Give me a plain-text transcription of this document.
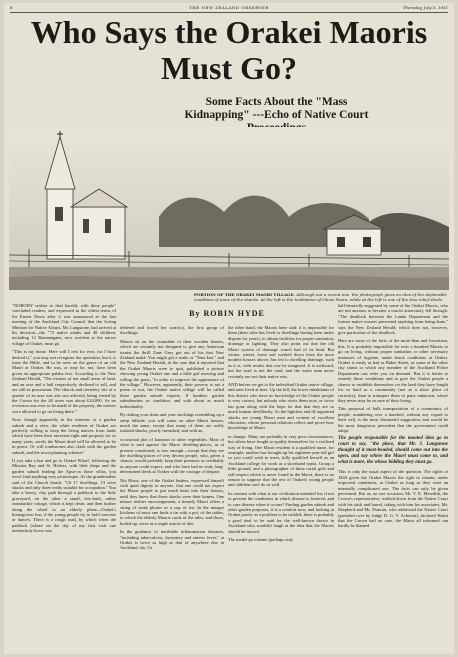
6	THE NEW ZEALAND OBSERVER	Thursday, July 5, 1951
Who Says the Orakei Maoris
Must Go?
Some Facts About the "Mass Kidnapping" ---Echo of Native Court
PORTION OF THE ORAKEI MAORI VILLAGE. Although not a recent one, the photograph gives an idea of the deplorable condition of some of the shacks. At the left is the tombstone of Otene Paora, while at the left is one of the less relief sheds.

"NOBODY wishes to deal harshly with these people" concluded readers, and expressed in the oldest terms of Sir Ernest Davis after it was announced at the last meeting of the Auckland City Council that the Acting Minister for Native Affairs, Mr. Langstone, had arrived at his decision—the "73 native adults and 48 children, including 12 Ratanangans, now resident at the native village of Orakei, must go.

"This is my home. Here will I rest for ever, for I have desired it," you may not recognise the quotation, but it is from the Bible, and to be seen on the grave of an old Maori at Orakei. He was, or may be, not, have been given an appropriate palaba text. According to the New Zealand Herald, "The owners of ten small areas of land, and an acre and a half respectively declined to sell, and are still in possession. The church and cemetery site of a quarter of an acre was also not affected, being vested by the Crown for the 40 acres was about £24,000. As no reversion was ever to be made of the property, the natives were allowed to go on living there."

Now, though apparently in the interests of a garden suburb and a view, the white residents of Orakei are perfectly willing to keep the living natives from lands which have been their ancestral right and property for so many years, surely the Maori dead will be allowed to lie in peace. Or will tombstones also clash with the garden suburb, and the town-planning scheme?

If you take a bus and go to Orakei Wharf, following the Mission Bay and St. Heliers, with little shops and the garden suburb leading the Apsa-on those villas, you won't find anything very picturesque. As the grandmother said of the Church thatch. "Of 17 dwellings, 13 were shacks and only three really suitable for occupation." You take a heavy, clay path through a paddock to the little graveyard, on the other a small, low-built, rather ramshackle cottage, which is kept clean, and then further along the wharf to an elderly plane—Orakei's homegrown fun, if the young people try to hold concerts or dances. There is a rough road, by which when the paddock (where on the day of my first visit one melancholy horse was

By ROBIN HYDE

tethered and lowed her sorrow), the first group of dwellings.

Maoris sit on the verandahs of their wooden houses, which are certainly not designed to give any American tourist the thrill Zane Grey got out of his first New Zealand maké. You might get a smile or "Tena koe," and the New Zealand Herald, in the case that it reported that the Orakei Maoris were to quit, published a picture showing young Orakei one and a little girl mowing and rolling the grass, "in order to improve the appearance of the village." However, apparently, their poverty is not a poem or not, the Orakei native village will be called these garden suburb experts. If lumbers garden suburbanites so condition, and with about as much individuality.

By risking your shins and your stockings scrambling up a steep hillside, you will come on other Maori houses, much the same, except that many of them are really isolated shacks, poorly furnished, and with an

occasional plot of kumaras or other vegetables. Most of what is said against the Maori dwelling-places, as at present constituted, is true enough—except that they are the dwelling-places of very decent people, who, given a chance, would probably keep their premises as creditably as anyone could expect, and who have had no truly long-determined sheds at Orakei with the courage of despair.

Nia Hiroa, one of the Orakei leaders, expressed himself with quiet dignity to anyone, that one could not expect the Maori people to put much heart into their houses, until they knew that those shacks were their homes. One misses neither encouragement, a homely Maori offers a string of weak photos or a cup of tea. In the meagre kitchens of most one finds a tin with a pot, of the tables, to which the elderly Maoris cards of the tales, and those, boiled up, serve as a staple article of diet.

In the guidance of notifiable inflammation diseases, "including tuberculosis, dysentery and enteric fever," at Orakei is twice as high as that of anywhere else in Auckland city. Or

the other hand, the Maoris have said: it is impossible for them (their tribe has lived or dwellings having been under dispute for years), to obtain facilities for proper sanitation, drainage or lighting. They also point out that the old Maori system of drainage wasn't bad of its kind. But winter, winter, loose soil washed down from the more modern houses above, has led to dwelling drainage, such as it is, with results that one be imagined. It is awkward, but the road is not the road, and the water man never certainly are not their native sets.

AND before we get to the individual Orakei native village, and ones lived at here. Up the hill, the lower inhabitants of this district who have no knowledge of the Orakei people is very correct, but nobody who visits them now, or twice has gone along with the hope for that that they are so much human devilliestly. As the lightless and ill-organised shacks are young Maori men and women of excellent education, whose personal relations reflect and prove how knowledge of Maori

to change. Many are probably in very poor circumstances, but others have fought to qualify themselves for a civilised way of living. One Maori resident is a qualified nurse, for example; another has brought up his eighteen-year-old girl so you could wish to meet, fully qualified herself as an Auckland college for work as a shorthand typist. Group a little ground, and a photographer of these racial girls and self-respect which is never found in the Maori, there is no reason to suppose that the rest of Orakei's young people and children can't do as well.

In contrast with what is our civilisation intended for, if not to prevent the conditions in which disease is fostered, and to cure disease when it occurs? Finding garden suburb and other garden purposes, it is a comfort now, and looking at Orakei purely as a problem to be tackled, there is probably a good deal to be said for the well-known doctor in Auckland who wouldn't laugh at the idea that the Maoris should be moved.

The model pa scheme (perhaps only

half-heartedly suggested by some of the Orakei Maoris, who are not anxious to become a tourist attraction), fell through. "The deadlock between the Lands Department and the former native owners prevented anything from being done," says the New Zealand Herald; which does not, however, give particulars of the deadlock.

Here are some of the facts of the more-than and forcemeat, this. It is probably impossible for over a hundred Maoris to go on living, without proper sanitation or other necessary measures of hygiene, under shack conditions at Orakei. Orakei is easily as bad as Baker Street, or some of the other city slums to which any member of the Auckland Police Department can refer you on demand. But it is better to remedy those conditions and to give the Orakei people a chance to establish themselves on the land they have fought for so hard as a community (not as a show place of curiosity), than to transport them to parts unknown, where they never may be so sure of their living.

This proposal of bulk transportation of a community of people, numbering over a hundred, without any regard to their will, is the most distasteful suggestion, and would be the most dangerous precedent that the government could adopt.

The people responsible for the mooted idea go to court to say, "the place, that Mr. J. Langstone thought of it most-headed, should come out into the open, and say where the Maori must come to, and what is more, the whose bidding they must go.

This is only the usual aspect of the question. The rights of 1844 given the Orakei Maoris the right to remain, under improved conditions, at Orakei as long as they were an internally complicated one. The facts can only be given piecemeal. But as, on one occasion, Mr. V. E. Meredith, the Crown's representative, walked down from the Native Court with his stick and barrel, taking with him his associates, Mr. Shepherd and Mr. Duncan, who addressed the Native Court (presided over by Judge D. G. V. Acheson), declared Watiti that the Crown had no case, the Maori all informed can hardly be blamed
